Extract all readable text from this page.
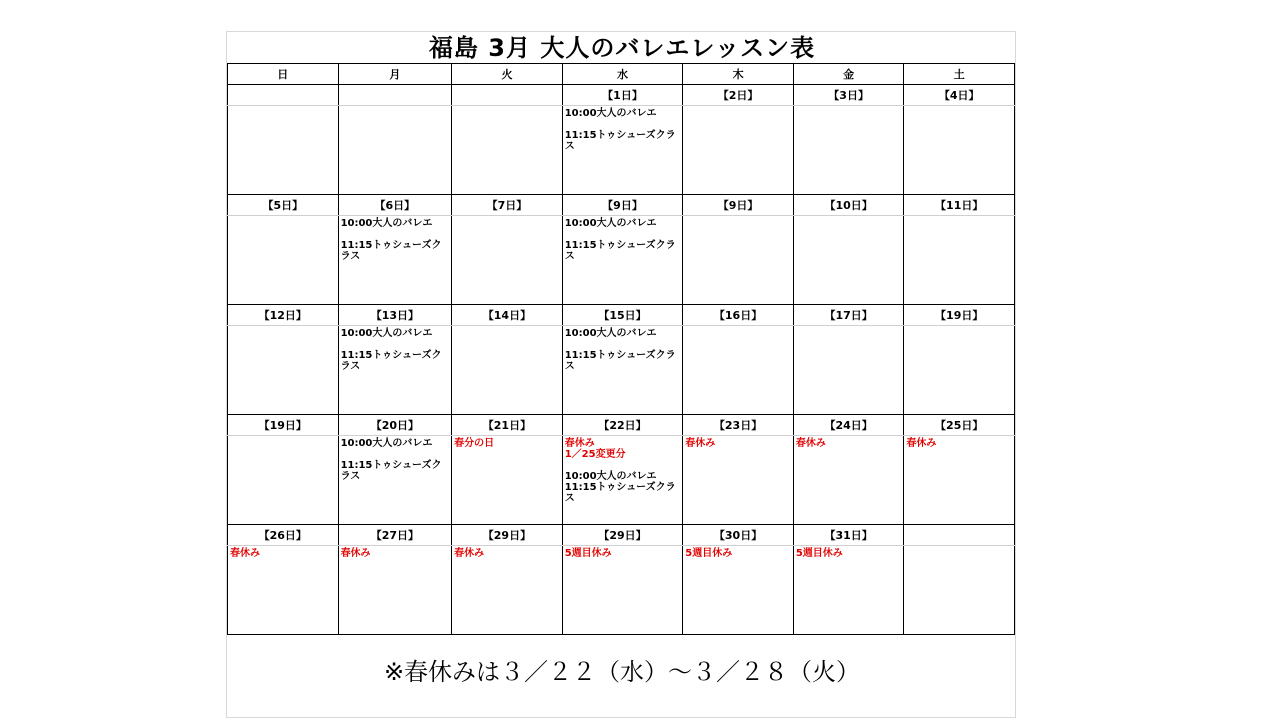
福島 3月 大人のバレエレッスン表
日	月	火	水	木	金	土
			【1日】	【2日】	【3日】	【4日】

			10:00大人のバレエ
11:15トゥシューズクラス			

【5日】	【6日】	【7日】	【9日】	【9日】	【10日】	【11日】

	10:00大人のバレエ
11:15トゥシューズクラス		10:00大人のバレエ
11:15トゥシューズクラス			

【12日】	【13日】	【14日】	【15日】	【16日】	【17日】	【19日】

	10:00大人のバレエ
11:15トゥシューズクラス		10:00大人のバレエ
11:15トゥシューズクラス			

【19日】	【20日】	【21日】	【22日】	【23日】	【24日】	【25日】

	10:00大人のバレエ
11:15トゥシューズクラス	春分の日	春休み
1／25変更分
10:00大人のバレエ
11:15トゥシューズクラス	春休み	春休み	春休み

【26日】	【27日】	【29日】	【29日】	【30日】	【31日】	

春休み	春休み	春休み	5週目休み	5週目休み	5週目休み	

※春休みは３／２２（水）～３／２８（火）
